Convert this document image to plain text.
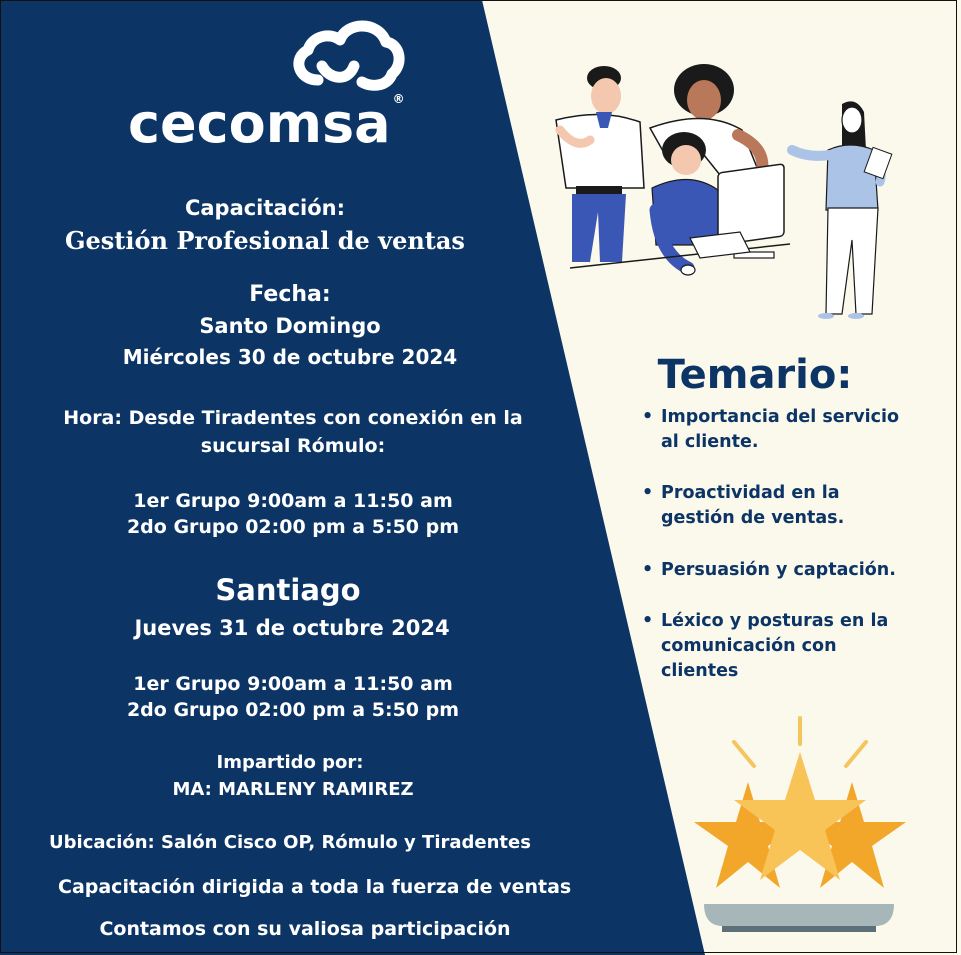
cecomsa ®
Capacitación:
Gestión Profesional de ventas
Fecha:
Santo Domingo
Miércoles 30 de octubre 2024
Hora: Desde Tiradentes con conexión en la
sucursal Rómulo:
1er Grupo 9:00am a 11:50 am
2do Grupo 02:00 pm a 5:50 pm
Santiago
Jueves 31 de octubre 2024
1er Grupo 9:00am a 11:50 am
2do Grupo 02:00 pm a 5:50 pm
Impartido por:
MA: MARLENY RAMIREZ
Ubicación: Salón Cisco OP, Rómulo y Tiradentes
Capacitación dirigida a toda la fuerza de ventas
Contamos con su valiosa participación
Temario:
• Importancia del servicio
al cliente.
• Proactividad en la
gestión de ventas.
• Persuasión y captación.
• Léxico y posturas en la
comunicación con
clientes
